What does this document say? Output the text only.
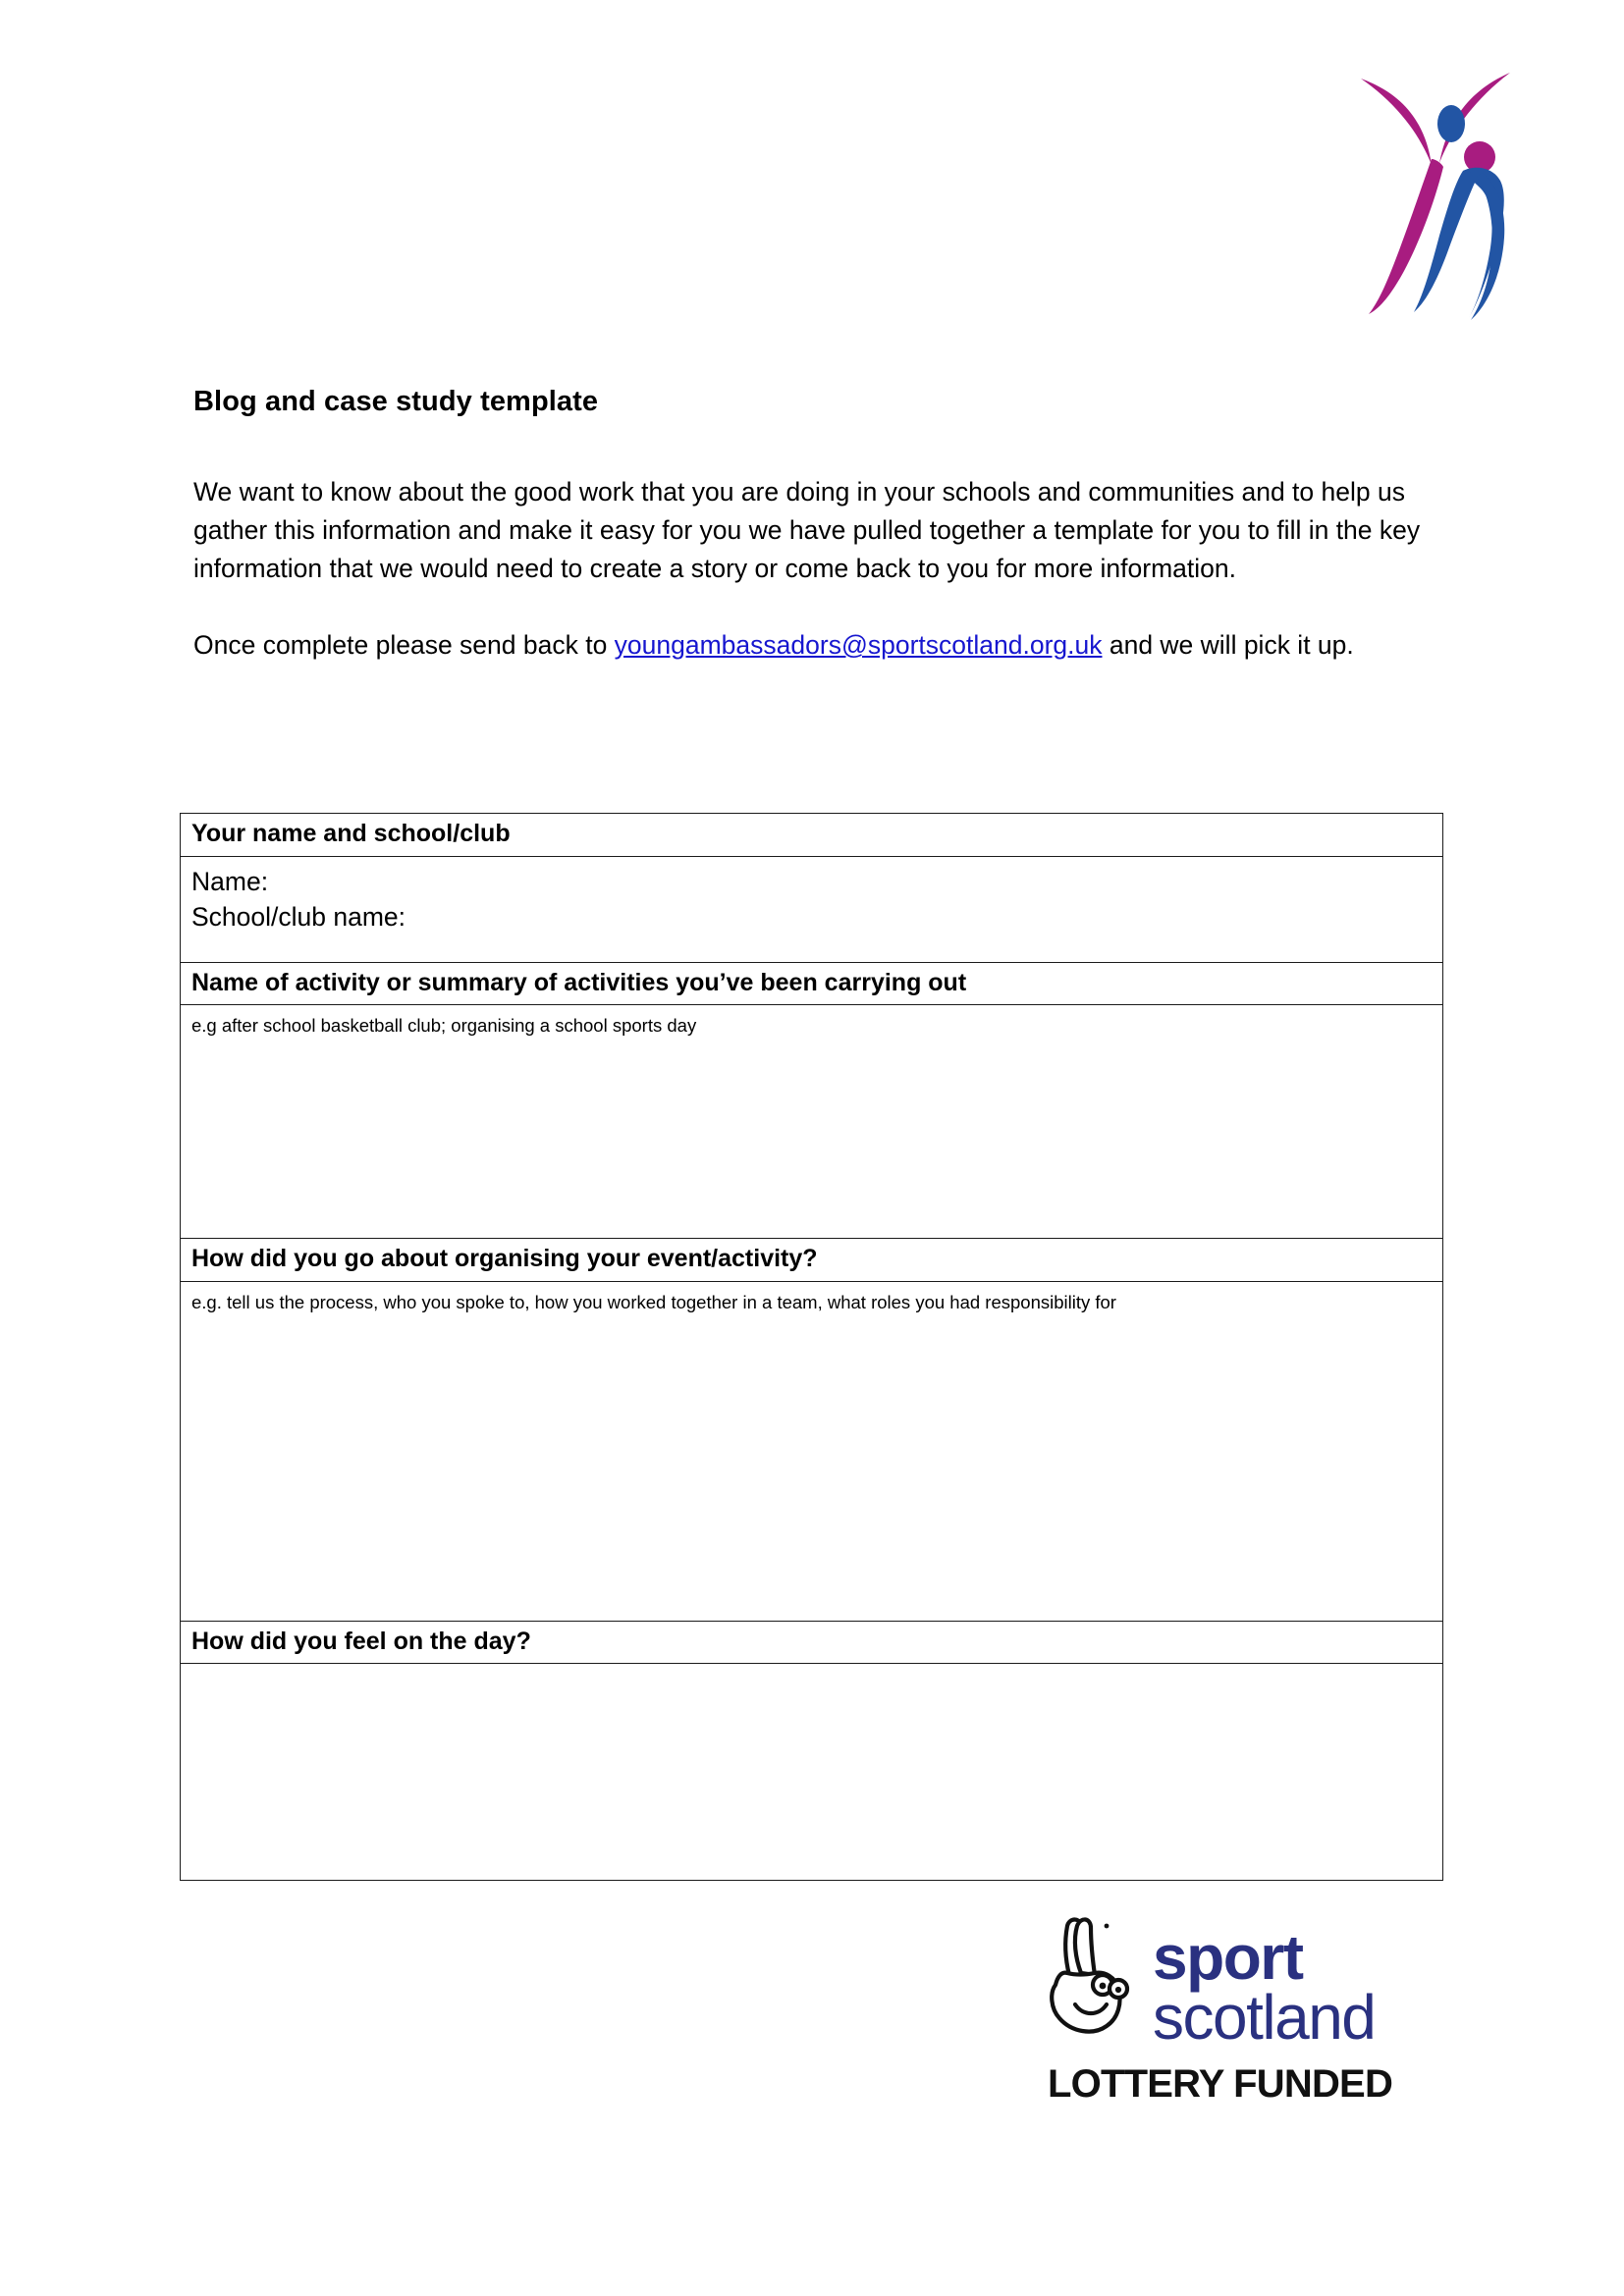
Blog and case study template

We want to know about the good work that you are doing in your schools and communities and to help us gather this information and make it easy for you we have pulled together a template for you to fill in the key information that we would need to create a story or come back to you for more information.

Once complete please send back to youngambassadors@sportscotland.org.uk and we will pick it up.

Your name and school/club

Name:
School/club name:

Name of activity or summary of activities you’ve been carrying out

e.g after school basketball club; organising a school sports day

How did you go about organising your event/activity?

e.g. tell us the process, who you spoke to, how you worked together in a team, what roles you had responsibility for

How did you feel on the day?

sport
scotland
LOTTERY FUNDED
